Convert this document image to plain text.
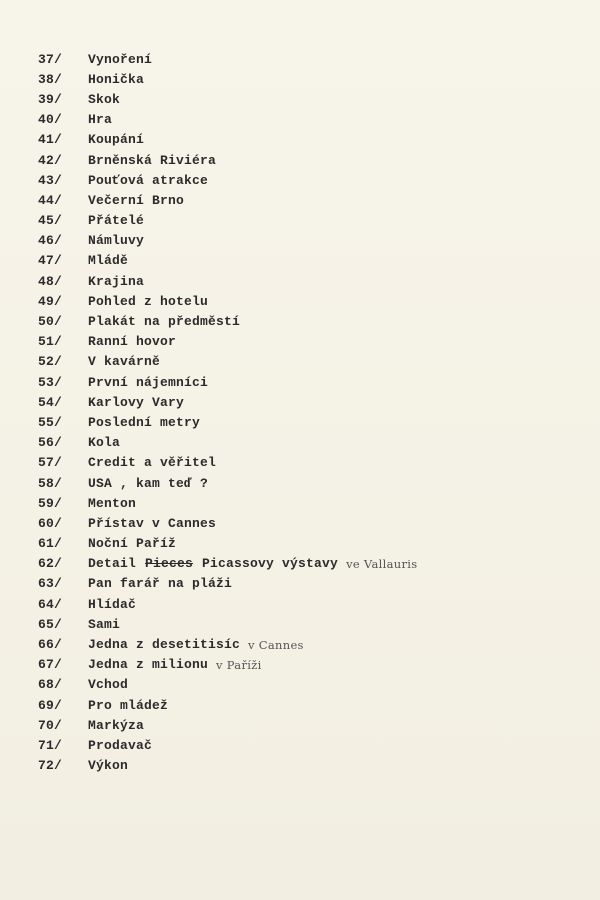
37/	Vynoření
38/	Honička
39/	Skok
40/	Hra
41/	Koupání
42/	Brněnská Riviéra
43/	Pouťová atrakce
44/	Večerní Brno
45/	Přátelé
46/	Námluvy
47/	Mládě
48/	Krajina
49/	Pohled z hotelu
50/	Plakát na předměstí
51/	Ranní hovor
52/	V kavárně
53/	První nájemníci
54/	Karlovy Vary
55/	Poslední metry
56/	Kola
57/	Credit a věřitel
58/	USA , kam teď ?
59/	Menton
60/	Přístav v Cannes
61/	Noční Paříž
62/	Detail Pieces Picassovy výstavy ve Vallauris
63/	Pan farář na pláži
64/	Hlídač
65/	Sami
66/	Jedna z desetitisíc v Cannes
67/	Jedna z milionu v Paříži
68/	Vchod
69/	Pro mládež
70/	Markýza
71/	Prodavač
72/	Výkon
